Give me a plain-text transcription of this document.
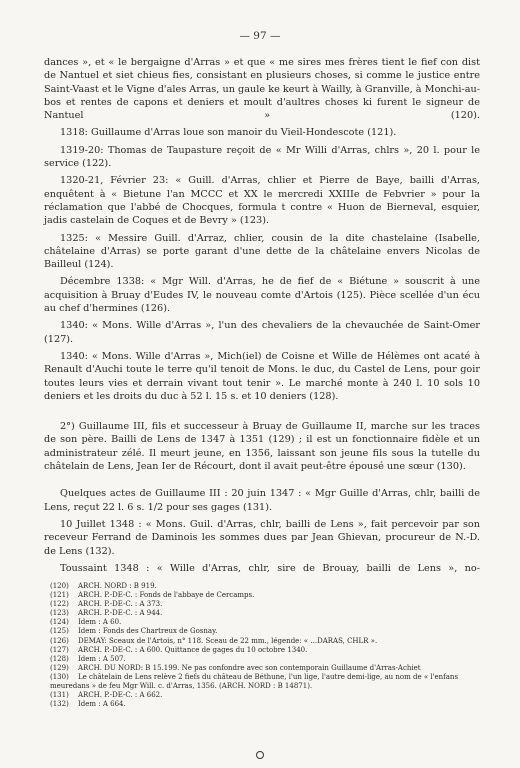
— 97 —

dances », et « le bergaigne d'Arras » et que « me sires mes frères tient le fief con dist de Nantuel et siet chieus fies, consistant en plusieurs choses, si comme le justice entre Saint-Vaast et le Vigne d'ales Arras, un gaule ke keurt à Wailly, à Granville, à Monchi-au-bos et rentes de capons et deniers et moult d'aultres choses ki furent le signeur de Nantuel » (120).

1318: Guillaume d'Arras loue son manoir du Vieil-Hondescote (121).

1319-20: Thomas de Taupasture reçoit de « Mr Willi d'Arras, chlrs », 20 l. pour le service (122).

1320-21, Février 23: « Guill. d'Arras, chlier et Pierre de Baye, bailli d'Arras, enquêtent à « Bietune l'an MCCC et XX le mercredi XXIIIe de Febvrier » pour la réclamation que l'abbé de Chocques, formula t contre « Huon de Bierneval, esquier, jadis castelain de Coques et de Bevry » (123).

1325: « Messire Guill. d'Arraz, chlier, cousin de la dite chastelaine (Isabelle, châtelaine d'Arras) se porte garant d'une dette de la châtelaine envers Nicolas de Bailleul (124).

Décembre 1338: « Mgr Will. d'Arras, he de fief de « Biétune » souscrit à une acquisition à Bruay d'Eudes IV, le nouveau comte d'Artois (125). Pièce scellée d'un écu au chef d'hermines (126).

1340: « Mons. Wille d'Arras », l'un des chevaliers de la chevauchée de Saint-Omer (127).

1340: « Mons. Wille d'Arras », Mich(iel) de Coisne et Wille de Hélèmes ont acaté à Renault d'Auchi toute le terre qu'il tenoit de Mons. le duc, du Castel de Lens, pour goir toutes leurs vies et derrain vivant tout tenir ». Le marché monte à 240 l. 10 sols 10 deniers et les droits du duc à 52 l. 15 s. et 10 deniers (128).

2°) Guillaume III, fils et successeur à Bruay de Guillaume II, marche sur les traces de son père. Bailli de Lens de 1347 à 1351 (129) ; il est un fonctionnaire fidèle et un administrateur zélé. Il meurt jeune, en 1356, laissant son jeune fils sous la tutelle du châtelain de Lens, Jean Ier de Récourt, dont il avait peut-être épousé une sœur (130).

Quelques actes de Guillaume III : 20 juin 1347 : « Mgr Guille d'Arras, chlr, bailli de Lens, reçut 22 l. 6 s. 1/2 pour ses gages (131).

10 Juillet 1348 : « Mons. Guil. d'Arras, chlr, bailli de Lens », fait percevoir par son receveur Ferrand de Daminois les sommes dues par Jean Ghievan, procureur de N.-D. de Lens (132).

Toussaint 1348 : « Wille d'Arras, chlr, sire de Brouay, bailli de Lens », no-

(120) ARCH. NORD : B 919.
(121) ARCH. P.-DE-C. : Fonds de l'abbaye de Cercamps.
(122) ARCH. P.-DE-C. : A 373.
(123) ARCH. P.-DE-C. : A 944.
(124) Idem : A 60.
(125) Idem : Fonds des Chartreux de Gosnay.
(126) DEMAY: Sceaux de l'Artois, n° 118. Sceau de 22 mm., légende: « ...DARAS, CHLR ».
(127) ARCH. P.-DE-C. : A 600. Quittance de gages du 10 octobre 1340.
(128) Idem : A 507.
(129) ARCH. DU NORD: B 15.199. Ne pas confondre avec son contemporain Guillaume d'Arras-Achiet
(130) Le châtelain de Lens relève 2 fiefs du château de Béthune, l'un lige, l'autre demi-lige, au nom de « l'enfans meuredans » de feu Mgr Will. c. d'Arras, 1356. (ARCH. NORD : B 14871).
(131) ARCH. P.-DE-C. : A 662.
(132) Idem : A 664.
